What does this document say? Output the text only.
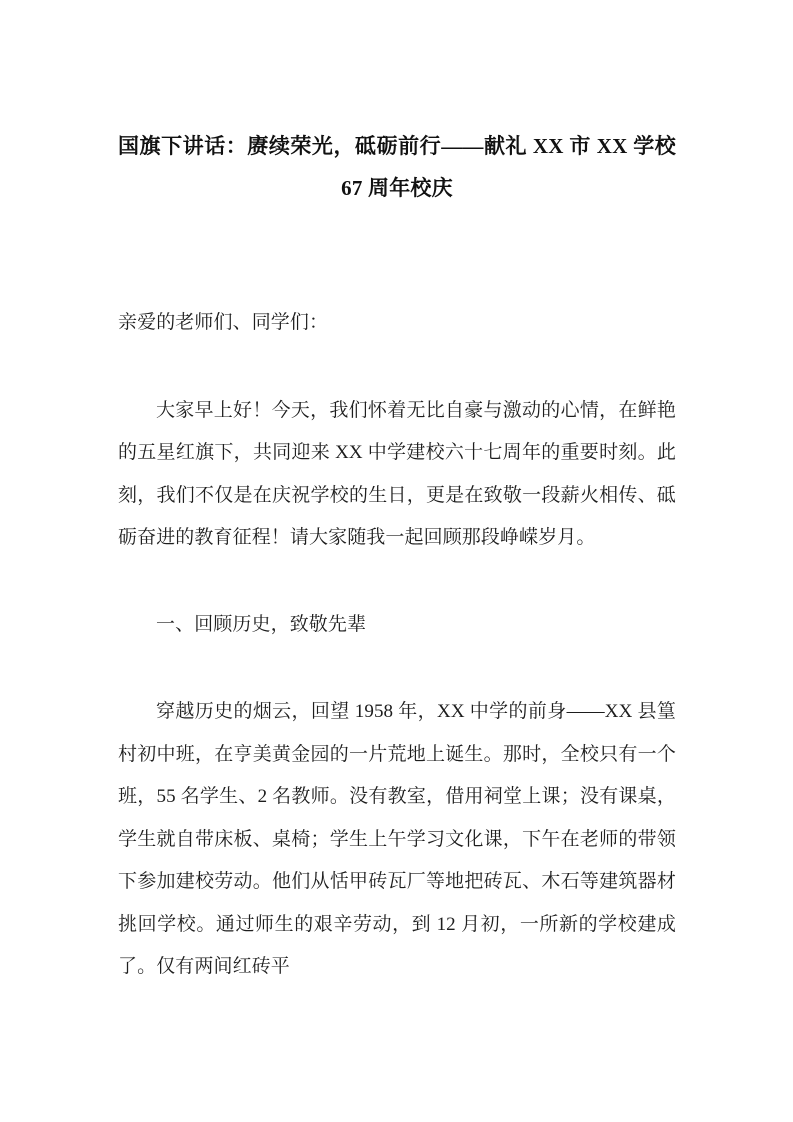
国旗下讲话：赓续荣光，砥砺前行——献礼 XX 市 XX 学校 67 周年校庆

亲爱的老师们、同学们：

大家早上好！今天，我们怀着无比自豪与激动的心情，在鲜艳的五星红旗下，共同迎来 XX 中学建校六十七周年的重要时刻。此刻，我们不仅是在庆祝学校的生日，更是在致敬一段薪火相传、砥砺奋进的教育征程！请大家随我一起回顾那段峥嵘岁月。

一、回顾历史，致敬先辈

穿越历史的烟云，回望 1958 年，XX 中学的前身——XX 县篁村初中班，在亨美黄金园的一片荒地上诞生。那时，全校只有一个班，55 名学生、2 名教师。没有教室，借用祠堂上课；没有课桌，学生就自带床板、桌椅；学生上午学习文化课，下午在老师的带领下参加建校劳动。他们从恬甲砖瓦厂等地把砖瓦、木石等建筑器材挑回学校。通过师生的艰辛劳动，到 12 月初，一所新的学校建成了。仅有两间红砖平
